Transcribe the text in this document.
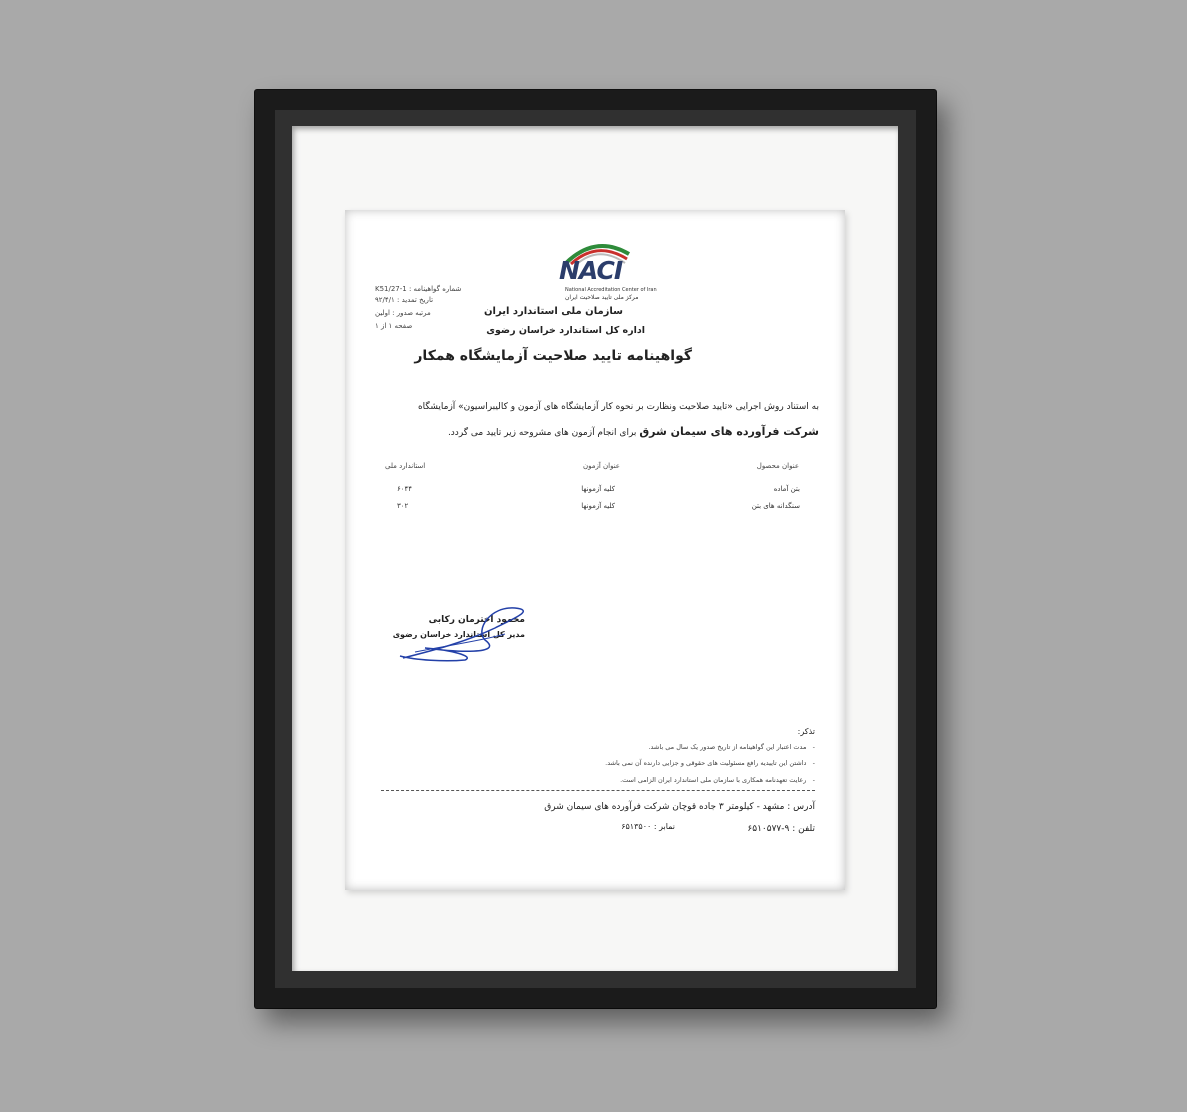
NACI
National Accreditation Center of Iran
مرکز ملی تایید صلاحیت ایران
سازمان ملی استاندارد ایران
اداره کل استاندارد خراسان رضوی
گواهینامه تایید صلاحیت آزمایشگاه همکار
شماره گواهینامه : K51/27-1
تاریخ تمدید : ۹۲/۴/۱
مرتبه صدور : اولین
صفحه ۱ از ۱
به استناد روش اجرایی «تایید صلاحیت ونظارت بر نحوه کار آزمایشگاه های آزمون و کالیبراسیون» آزمایشگاه
شرکت فرآورده های سیمان شرق برای انجام آزمون های مشروحه زیر تایید می گردد.
عنوان محصول
عنوان آزمون
استاندارد ملی
بتن آماده
کلیه آزمونها
۶۰۴۴
سنگدانه های بتن
کلیه آزمونها
۳۰۲
محمود اخترمان رکابی
مدیر کل استاندارد خراسان رضوی
تذکر:
-   مدت اعتبار این گواهینامه از تاریخ صدور یک سال می باشد.
-   داشتن این تاییدیه رافع مسئولیت های حقوقی و جزایی دارنده آن نمی باشد.
-   رعایت تعهدنامه همکاری با سازمان ملی استاندارد ایران الزامی است.
آدرس : مشهد - کیلومتر ۳ جاده قوچان شرکت فرآورده های سیمان شرق
تلفن : ۹-۶۵۱۰۵۷۷
نمابر : ۶۵۱۳۵۰۰
